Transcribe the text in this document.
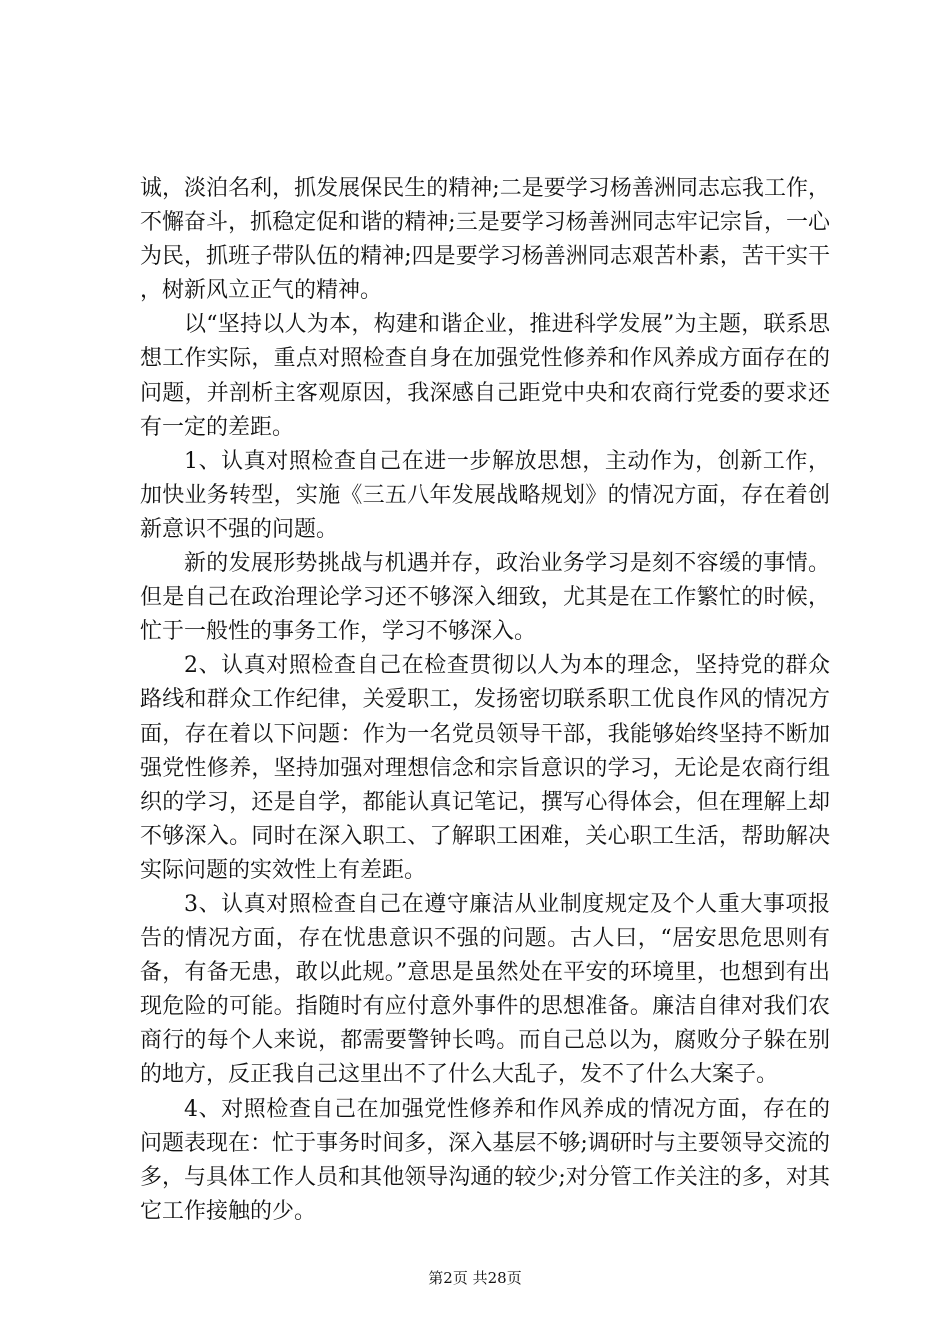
诚，淡泊名利，抓发展保民生的精神;二是要学习杨善洲同志忘我工作，不懈奋斗，抓稳定促和谐的精神;三是要学习杨善洲同志牢记宗旨，一心为民，抓班子带队伍的精神;四是要学习杨善洲同志艰苦朴素，苦干实干，树新风立正气的精神。

以“坚持以人为本，构建和谐企业，推进科学发展”为主题，联系思想工作实际，重点对照检查自身在加强党性修养和作风养成方面存在的问题，并剖析主客观原因，我深感自己距党中央和农商行党委的要求还有一定的差距。

1、认真对照检查自己在进一步解放思想，主动作为，创新工作，加快业务转型，实施《三五八年发展战略规划》的情况方面，存在着创新意识不强的问题。

新的发展形势挑战与机遇并存，政治业务学习是刻不容缓的事情。但是自己在政治理论学习还不够深入细致，尤其是在工作繁忙的时候，忙于一般性的事务工作，学习不够深入。

2、认真对照检查自己在检查贯彻以人为本的理念，坚持党的群众路线和群众工作纪律，关爱职工，发扬密切联系职工优良作风的情况方面，存在着以下问题：作为一名党员领导干部，我能够始终坚持不断加强党性修养，坚持加强对理想信念和宗旨意识的学习，无论是农商行组织的学习，还是自学，都能认真记笔记，撰写心得体会，但在理解上却不够深入。同时在深入职工、了解职工困难，关心职工生活，帮助解决实际问题的实效性上有差距。

3、认真对照检查自己在遵守廉洁从业制度规定及个人重大事项报告的情况方面，存在忧患意识不强的问题。古人曰，“居安思危思则有备，有备无患，敢以此规。”意思是虽然处在平安的环境里，也想到有出现危险的可能。指随时有应付意外事件的思想准备。廉洁自律对我们农商行的每个人来说，都需要警钟长鸣。而自己总以为，腐败分子躲在别的地方，反正我自己这里出不了什么大乱子，发不了什么大案子。

4、对照检查自己在加强党性修养和作风养成的情况方面，存在的问题表现在：忙于事务时间多，深入基层不够;调研时与主要领导交流的多，与具体工作人员和其他领导沟通的较少;对分管工作关注的多，对其它工作接触的少。

第2页 共28页
